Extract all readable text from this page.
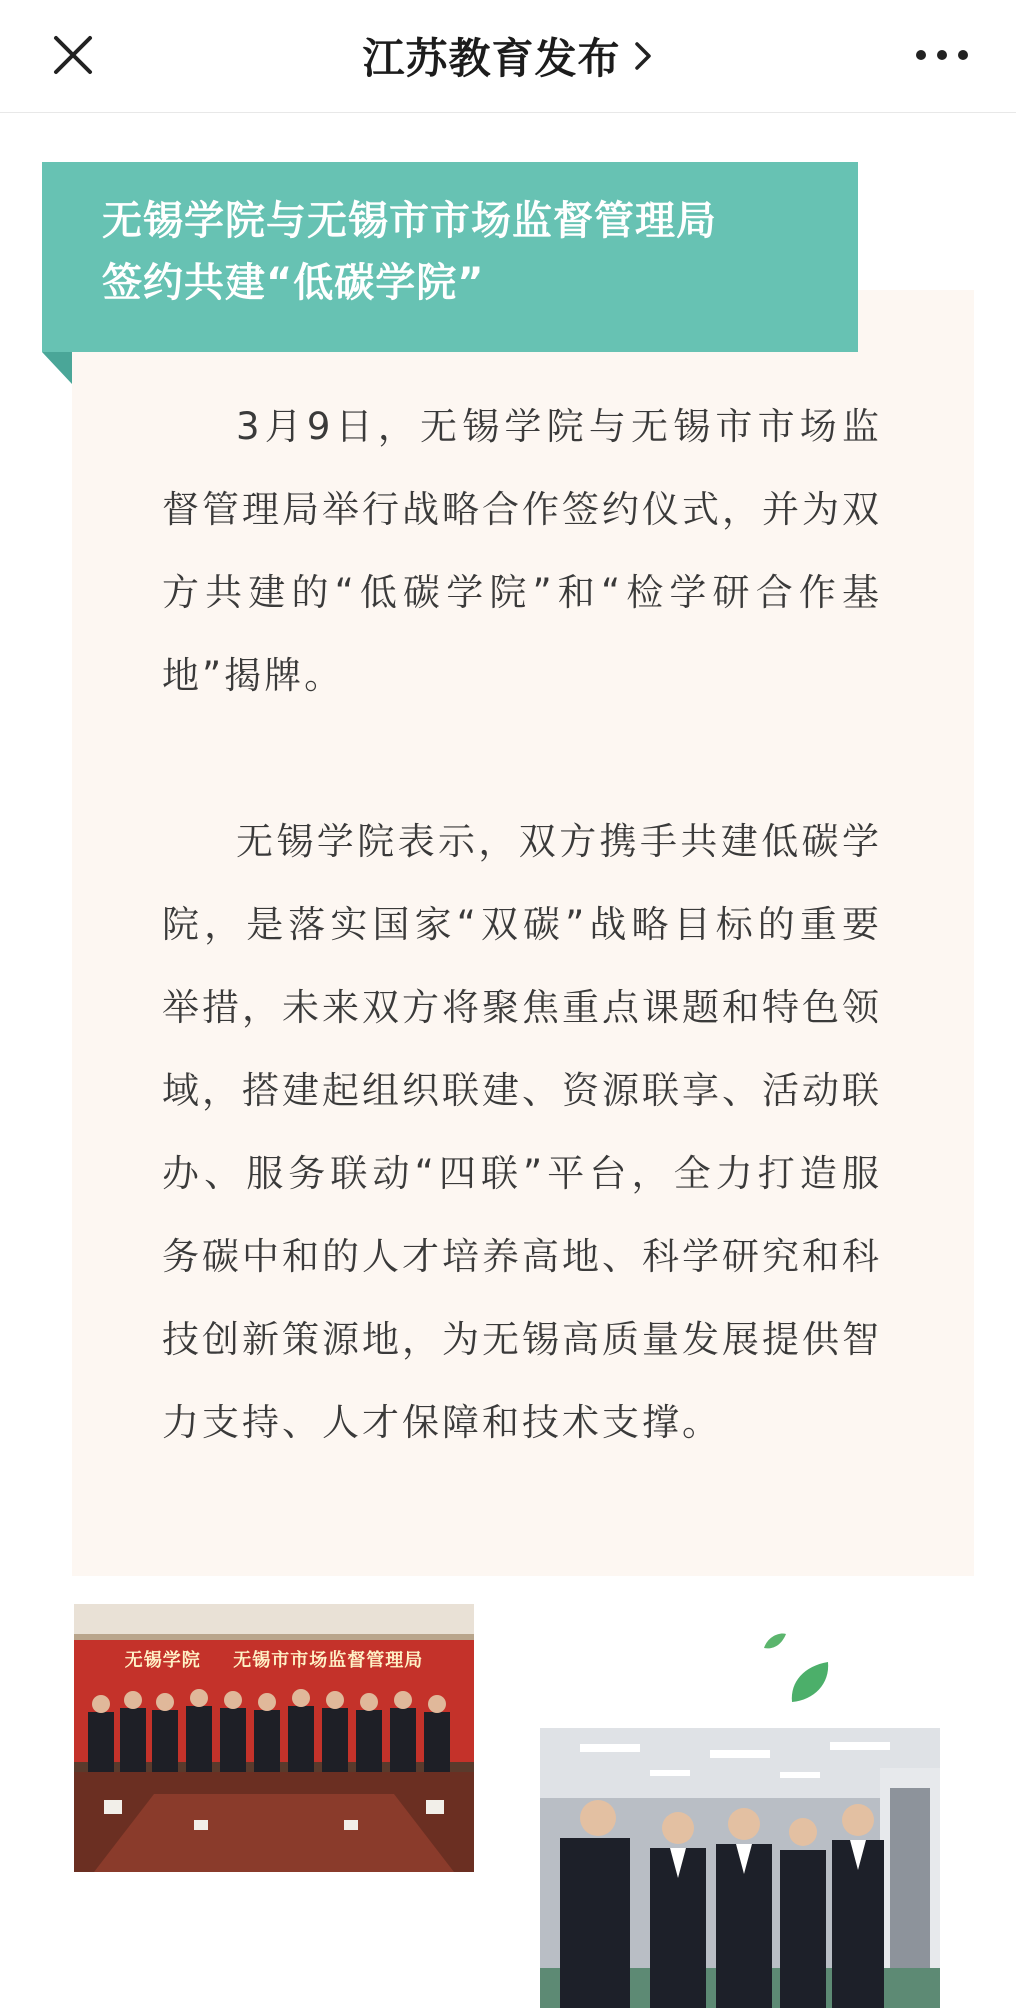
江苏教育发布
无锡学院与无锡市市场监督管理局
签约共建“低碳学院”

3月9日，无锡学院与无锡市市场监督管理局举行战略合作签约仪式，并为双方共建的“低碳学院”和“检学研合作基地”揭牌。

无锡学院表示，双方携手共建低碳学院，是落实国家“双碳”战略目标的重要举措，未来双方将聚焦重点课题和特色领域，搭建起组织联建、资源联享、活动联办、服务联动“四联”平台，全力打造服务碳中和的人才培养高地、科学研究和科技创新策源地，为无锡高质量发展提供智力支持、人才保障和技术支撑。

无锡学院 无锡市市场监督管理局
